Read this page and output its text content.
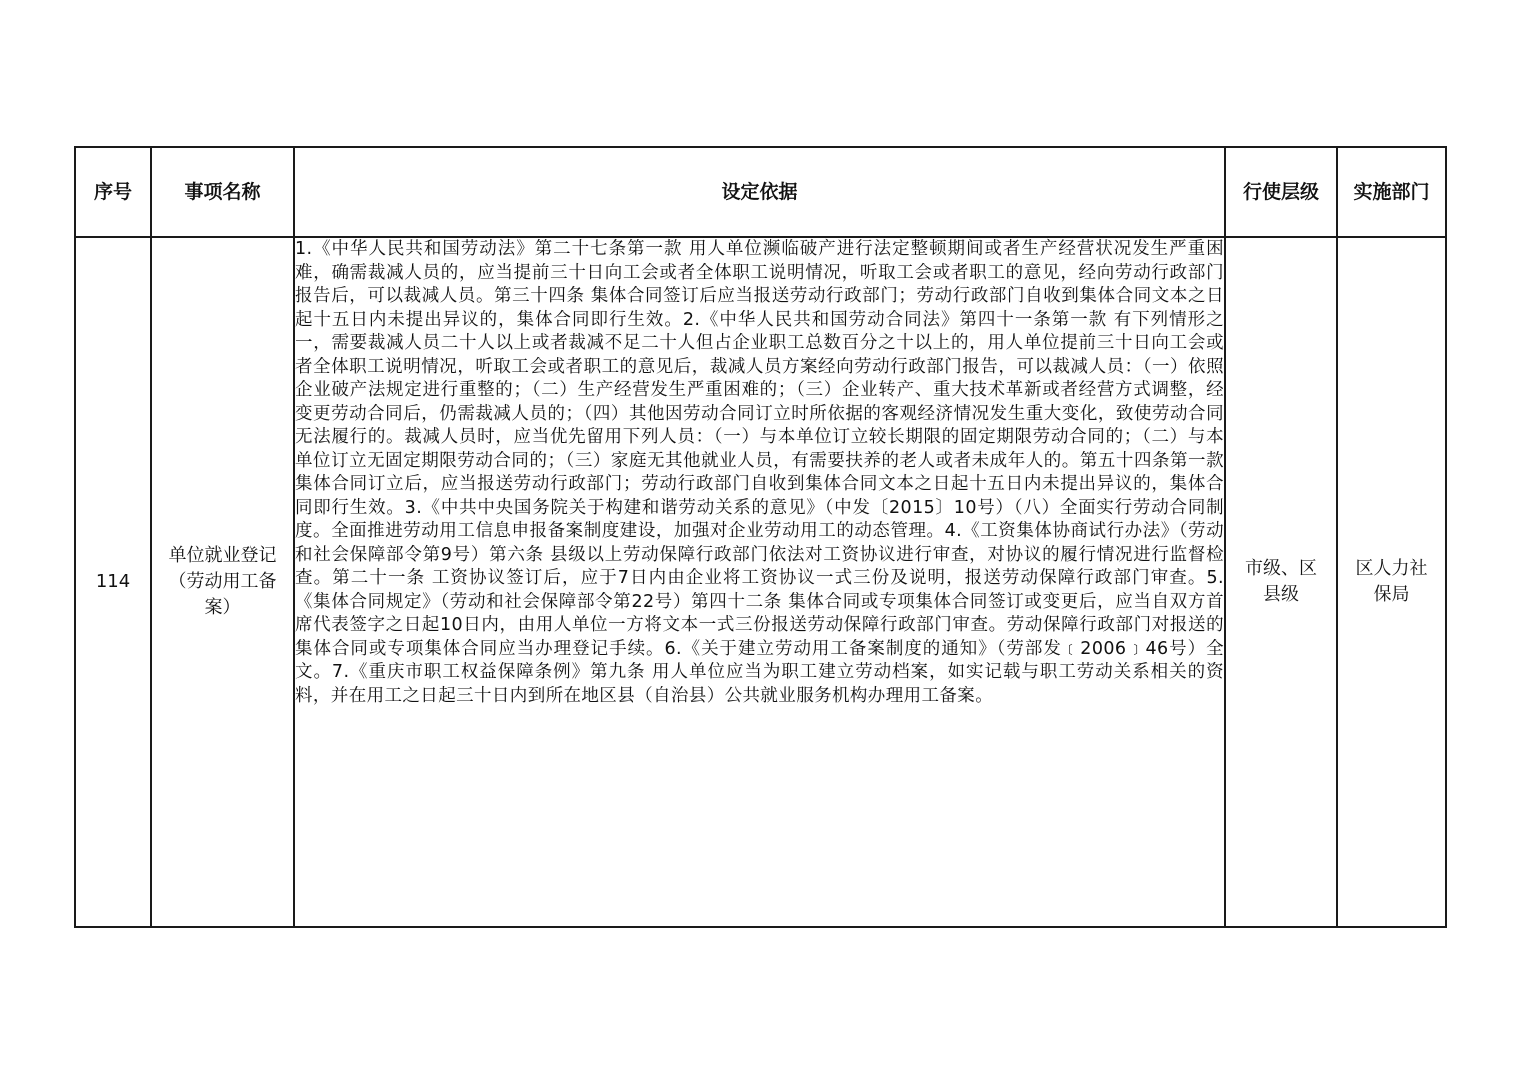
序号	事项名称	设定依据	行使层级	实施部门

114	单位就业登记（劳动用工备案）	1.《中华人民共和国劳动法》第二十七条第一款 用人单位濒临破产进行法定整顿期间或者生产经营状况发生严重困难，确需裁减人员的，应当提前三十日向工会或者全体职工说明情况，听取工会或者职工的意见，经向劳动行政部门报告后，可以裁减人员。第三十四条 集体合同签订后应当报送劳动行政部门；劳动行政部门自收到集体合同文本之日起十五日内未提出异议的，集体合同即行生效。2.《中华人民共和国劳动合同法》第四十一条第一款 有下列情形之一，需要裁减人员二十人以上或者裁减不足二十人但占企业职工总数百分之十以上的，用人单位提前三十日向工会或者全体职工说明情况，听取工会或者职工的意见后，裁减人员方案经向劳动行政部门报告，可以裁减人员：（一）依照企业破产法规定进行重整的；（二）生产经营发生严重困难的；（三）企业转产、重大技术革新或者经营方式调整，经变更劳动合同后，仍需裁减人员的；（四）其他因劳动合同订立时所依据的客观经济情况发生重大变化，致使劳动合同无法履行的。裁减人员时，应当优先留用下列人员：（一）与本单位订立较长期限的固定期限劳动合同的；（二）与本单位订立无固定期限劳动合同的；（三）家庭无其他就业人员，有需要扶养的老人或者未成年人的。第五十四条第一款 集体合同订立后，应当报送劳动行政部门；劳动行政部门自收到集体合同文本之日起十五日内未提出异议的，集体合同即行生效。3.《中共中央国务院关于构建和谐劳动关系的意见》（中发〔2015〕10号）（八）全面实行劳动合同制度。全面推进劳动用工信息申报备案制度建设，加强对企业劳动用工的动态管理。4.《工资集体协商试行办法》（劳动和社会保障部令第9号）第六条 县级以上劳动保障行政部门依法对工资协议进行审查，对协议的履行情况进行监督检查。第二十一条 工资协议签订后，应于7日内由企业将工资协议一式三份及说明，报送劳动保障行政部门审查。5.《集体合同规定》（劳动和社会保障部令第22号）第四十二条 集体合同或专项集体合同签订或变更后，应当自双方首席代表签字之日起10日内，由用人单位一方将文本一式三份报送劳动保障行政部门审查。劳动保障行政部门对报送的集体合同或专项集体合同应当办理登记手续。6.《关于建立劳动用工备案制度的通知》（劳部发﹝2006﹞46号）全文。7.《重庆市职工权益保障条例》第九条 用人单位应当为职工建立劳动档案，如实记载与职工劳动关系相关的资料，并在用工之日起三十日内到所在地区县（自治县）公共就业服务机构办理用工备案。	市级、区县级	区人力社保局
